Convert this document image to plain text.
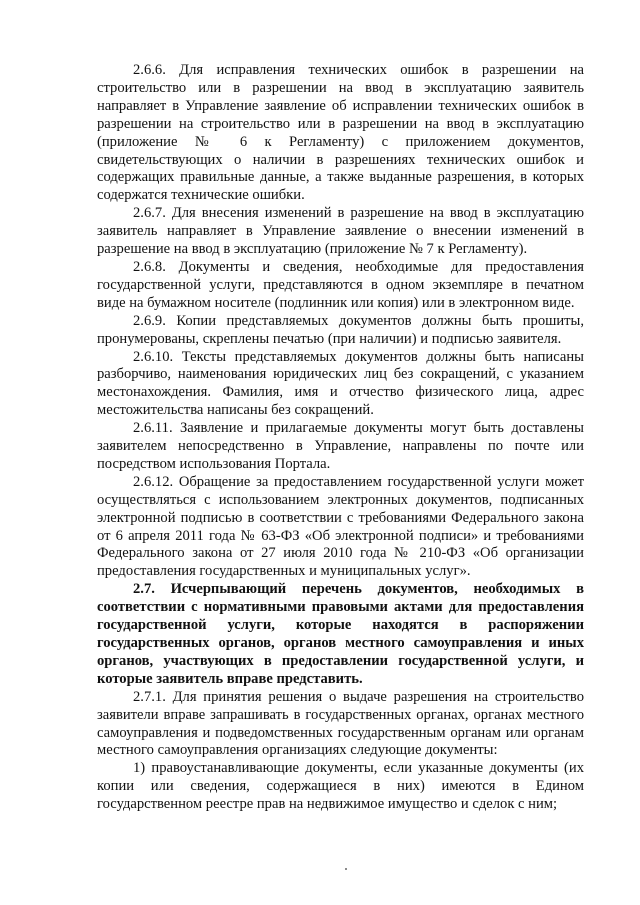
2.6.6. Для исправления технических ошибок в разрешении на строительство или в разрешении на ввод в эксплуатацию заявитель направляет в Управление заявление об исправлении технических ошибок в разрешении на строительство или в разрешении на ввод в эксплуатацию (приложение № 6 к Регламенту) с приложением документов, свидетельствующих о наличии в разрешениях технических ошибок и содержащих правильные данные, а также выданные разрешения, в которых содержатся технические ошибки.

2.6.7. Для внесения изменений в разрешение на ввод в эксплуатацию заявитель направляет в Управление заявление о внесении изменений в разрешение на ввод в эксплуатацию (приложение № 7 к Регламенту).

2.6.8. Документы и сведения, необходимые для предоставления государственной услуги, представляются в одном экземпляре в печатном виде на бумажном носителе (подлинник или копия) или в электронном виде.

2.6.9. Копии представляемых документов должны быть прошиты, пронумерованы, скреплены печатью (при наличии) и подписью заявителя.

2.6.10. Тексты представляемых документов должны быть написаны разборчиво, наименования юридических лиц без сокращений, с указанием местонахождения. Фамилия, имя и отчество физического лица, адрес местожительства написаны без сокращений.

2.6.11. Заявление и прилагаемые документы могут быть доставлены заявителем непосредственно в Управление, направлены по почте или посредством использования Портала.

2.6.12. Обращение за предоставлением государственной услуги может осуществляться с использованием электронных документов, подписанных электронной подписью в соответствии с требованиями Федерального закона от 6 апреля 2011 года № 63-ФЗ «Об электронной подписи» и требованиями Федерального закона от 27 июля 2010 года № 210-ФЗ «Об организации предоставления государственных и муниципальных услуг».

2.7. Исчерпывающий перечень документов, необходимых в соответствии с нормативными правовыми актами для предоставления государственной услуги, которые находятся в распоряжении государственных органов, органов местного самоуправления и иных органов, участвующих в предоставлении государственной услуги, и которые заявитель вправе представить.

2.7.1. Для принятия решения о выдаче разрешения на строительство заявители вправе запрашивать в государственных органах, органах местного самоуправления и подведомственных государственным органам или органам местного самоуправления организациях следующие документы:

1) правоустанавливающие документы, если указанные документы (их копии или сведения, содержащиеся в них) имеются в Едином государственном реестре прав на недвижимое имущество и сделок с ним;
